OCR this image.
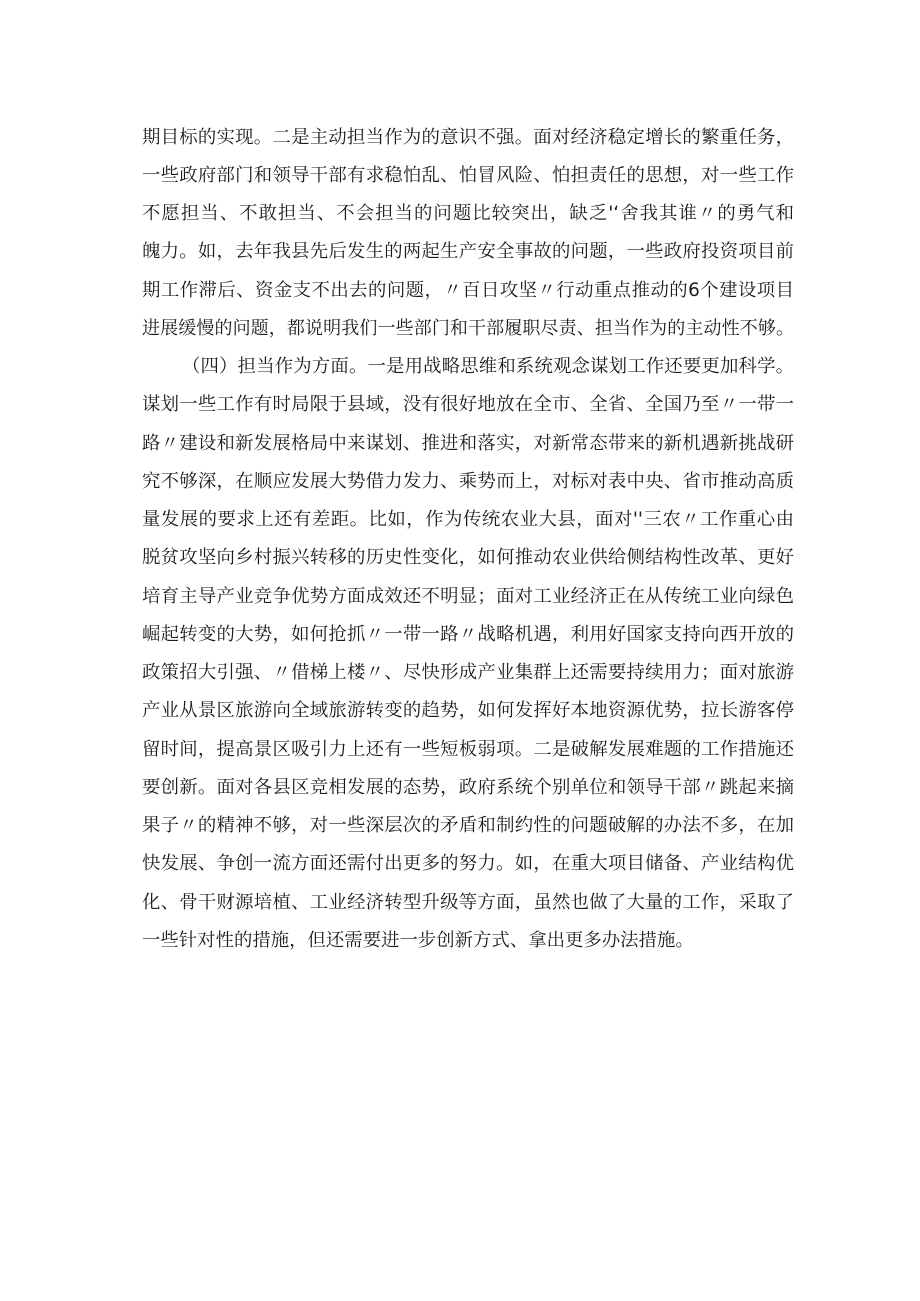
期目标的实现。二是主动担当作为的意识不强。面对经济稳定增长的繁重任务，
一些政府部门和领导干部有求稳怕乱、怕冒风险、怕担责任的思想，对一些工作
不愿担当、不敢担当、不会担当的问题比较突出，缺乏'‘舍我其谁〃的勇气和
魄力。如，去年我县先后发生的两起生产安全事故的问题，一些政府投资项目前
期工作滞后、资金支不出去的问题，〃百日攻坚〃行动重点推动的6个建设项目
进展缓慢的问题，都说明我们一些部门和干部履职尽责、担当作为的主动性不够。
（四）担当作为方面。一是用战略思维和系统观念谋划工作还要更加科学。
谋划一些工作有时局限于县域，没有很好地放在全市、全省、全国乃至〃一带一
路〃建设和新发展格局中来谋划、推进和落实，对新常态带来的新机遇新挑战研
究不够深，在顺应发展大势借力发力、乘势而上，对标对表中央、省市推动高质
量发展的要求上还有差距。比如，作为传统农业大县，面对''三农〃工作重心由
脱贫攻坚向乡村振兴转移的历史性变化，如何推动农业供给侧结构性改革、更好
培育主导产业竞争优势方面成效还不明显；面对工业经济正在从传统工业向绿色
崛起转变的大势，如何抢抓〃一带一路〃战略机遇，利用好国家支持向西开放的
政策招大引强、〃借梯上楼〃、尽快形成产业集群上还需要持续用力；面对旅游
产业从景区旅游向全域旅游转变的趋势，如何发挥好本地资源优势，拉长游客停
留时间，提高景区吸引力上还有一些短板弱项。二是破解发展难题的工作措施还
要创新。面对各县区竞相发展的态势，政府系统个别单位和领导干部〃跳起来摘
果子〃的精神不够，对一些深层次的矛盾和制约性的问题破解的办法不多，在加
快发展、争创一流方面还需付出更多的努力。如，在重大项目储备、产业结构优
化、骨干财源培植、工业经济转型升级等方面，虽然也做了大量的工作，采取了
一些针对性的措施，但还需要进一步创新方式、拿出更多办法措施。
